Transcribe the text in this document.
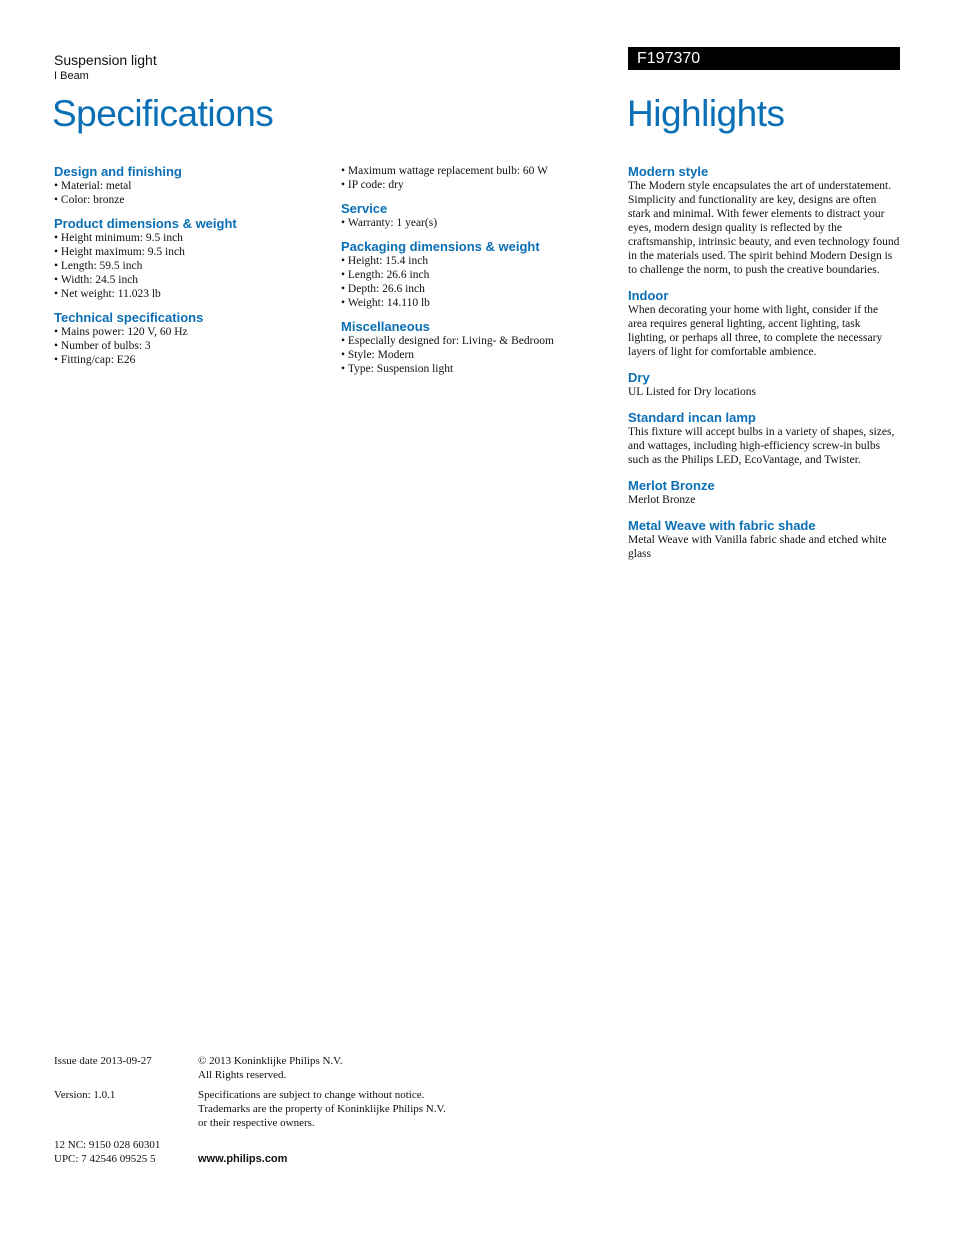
Suspension light
I Beam
F197370
Specifications	Highlights
Design and finishing
• Material: metal
• Color: bronze
Product dimensions & weight
• Height minimum: 9.5 inch
• Height maximum: 9.5 inch
• Length: 59.5 inch
• Width: 24.5 inch
• Net weight: 11.023 lb
Technical specifications
• Mains power: 120 V, 60 Hz
• Number of bulbs: 3
• Fitting/cap: E26
• Maximum wattage replacement bulb: 60 W
• IP code: dry
Service
• Warranty: 1 year(s)
Packaging dimensions & weight
• Height: 15.4 inch
• Length: 26.6 inch
• Depth: 26.6 inch
• Weight: 14.110 lb
Miscellaneous
• Especially designed for: Living- & Bedroom
• Style: Modern
• Type: Suspension light
Modern style
The Modern style encapsulates the art of understatement. Simplicity and functionality are key, designs are often stark and minimal. With fewer elements to distract your eyes, modern design quality is reflected by the craftsmanship, intrinsic beauty, and even technology found in the materials used. The spirit behind Modern Design is to challenge the norm, to push the creative boundaries.
Indoor
When decorating your home with light, consider if the area requires general lighting, accent lighting, task lighting, or perhaps all three, to complete the necessary layers of light for comfortable ambience.
Dry
UL Listed for Dry locations
Standard incan lamp
This fixture will accept bulbs in a variety of shapes, sizes, and wattages, including high-efficiency screw-in bulbs such as the Philips LED, EcoVantage, and Twister.
Merlot Bronze
Merlot Bronze
Metal Weave with fabric shade
Metal Weave with Vanilla fabric shade and etched white glass
Issue date 2013-09-27	© 2013 Koninklijke Philips N.V.
All Rights reserved.
Version: 1.0.1	Specifications are subject to change without notice.
Trademarks are the property of Koninklijke Philips N.V.
or their respective owners.
12 NC: 9150 028 60301
UPC: 7 42546 09525 5	www.philips.com
